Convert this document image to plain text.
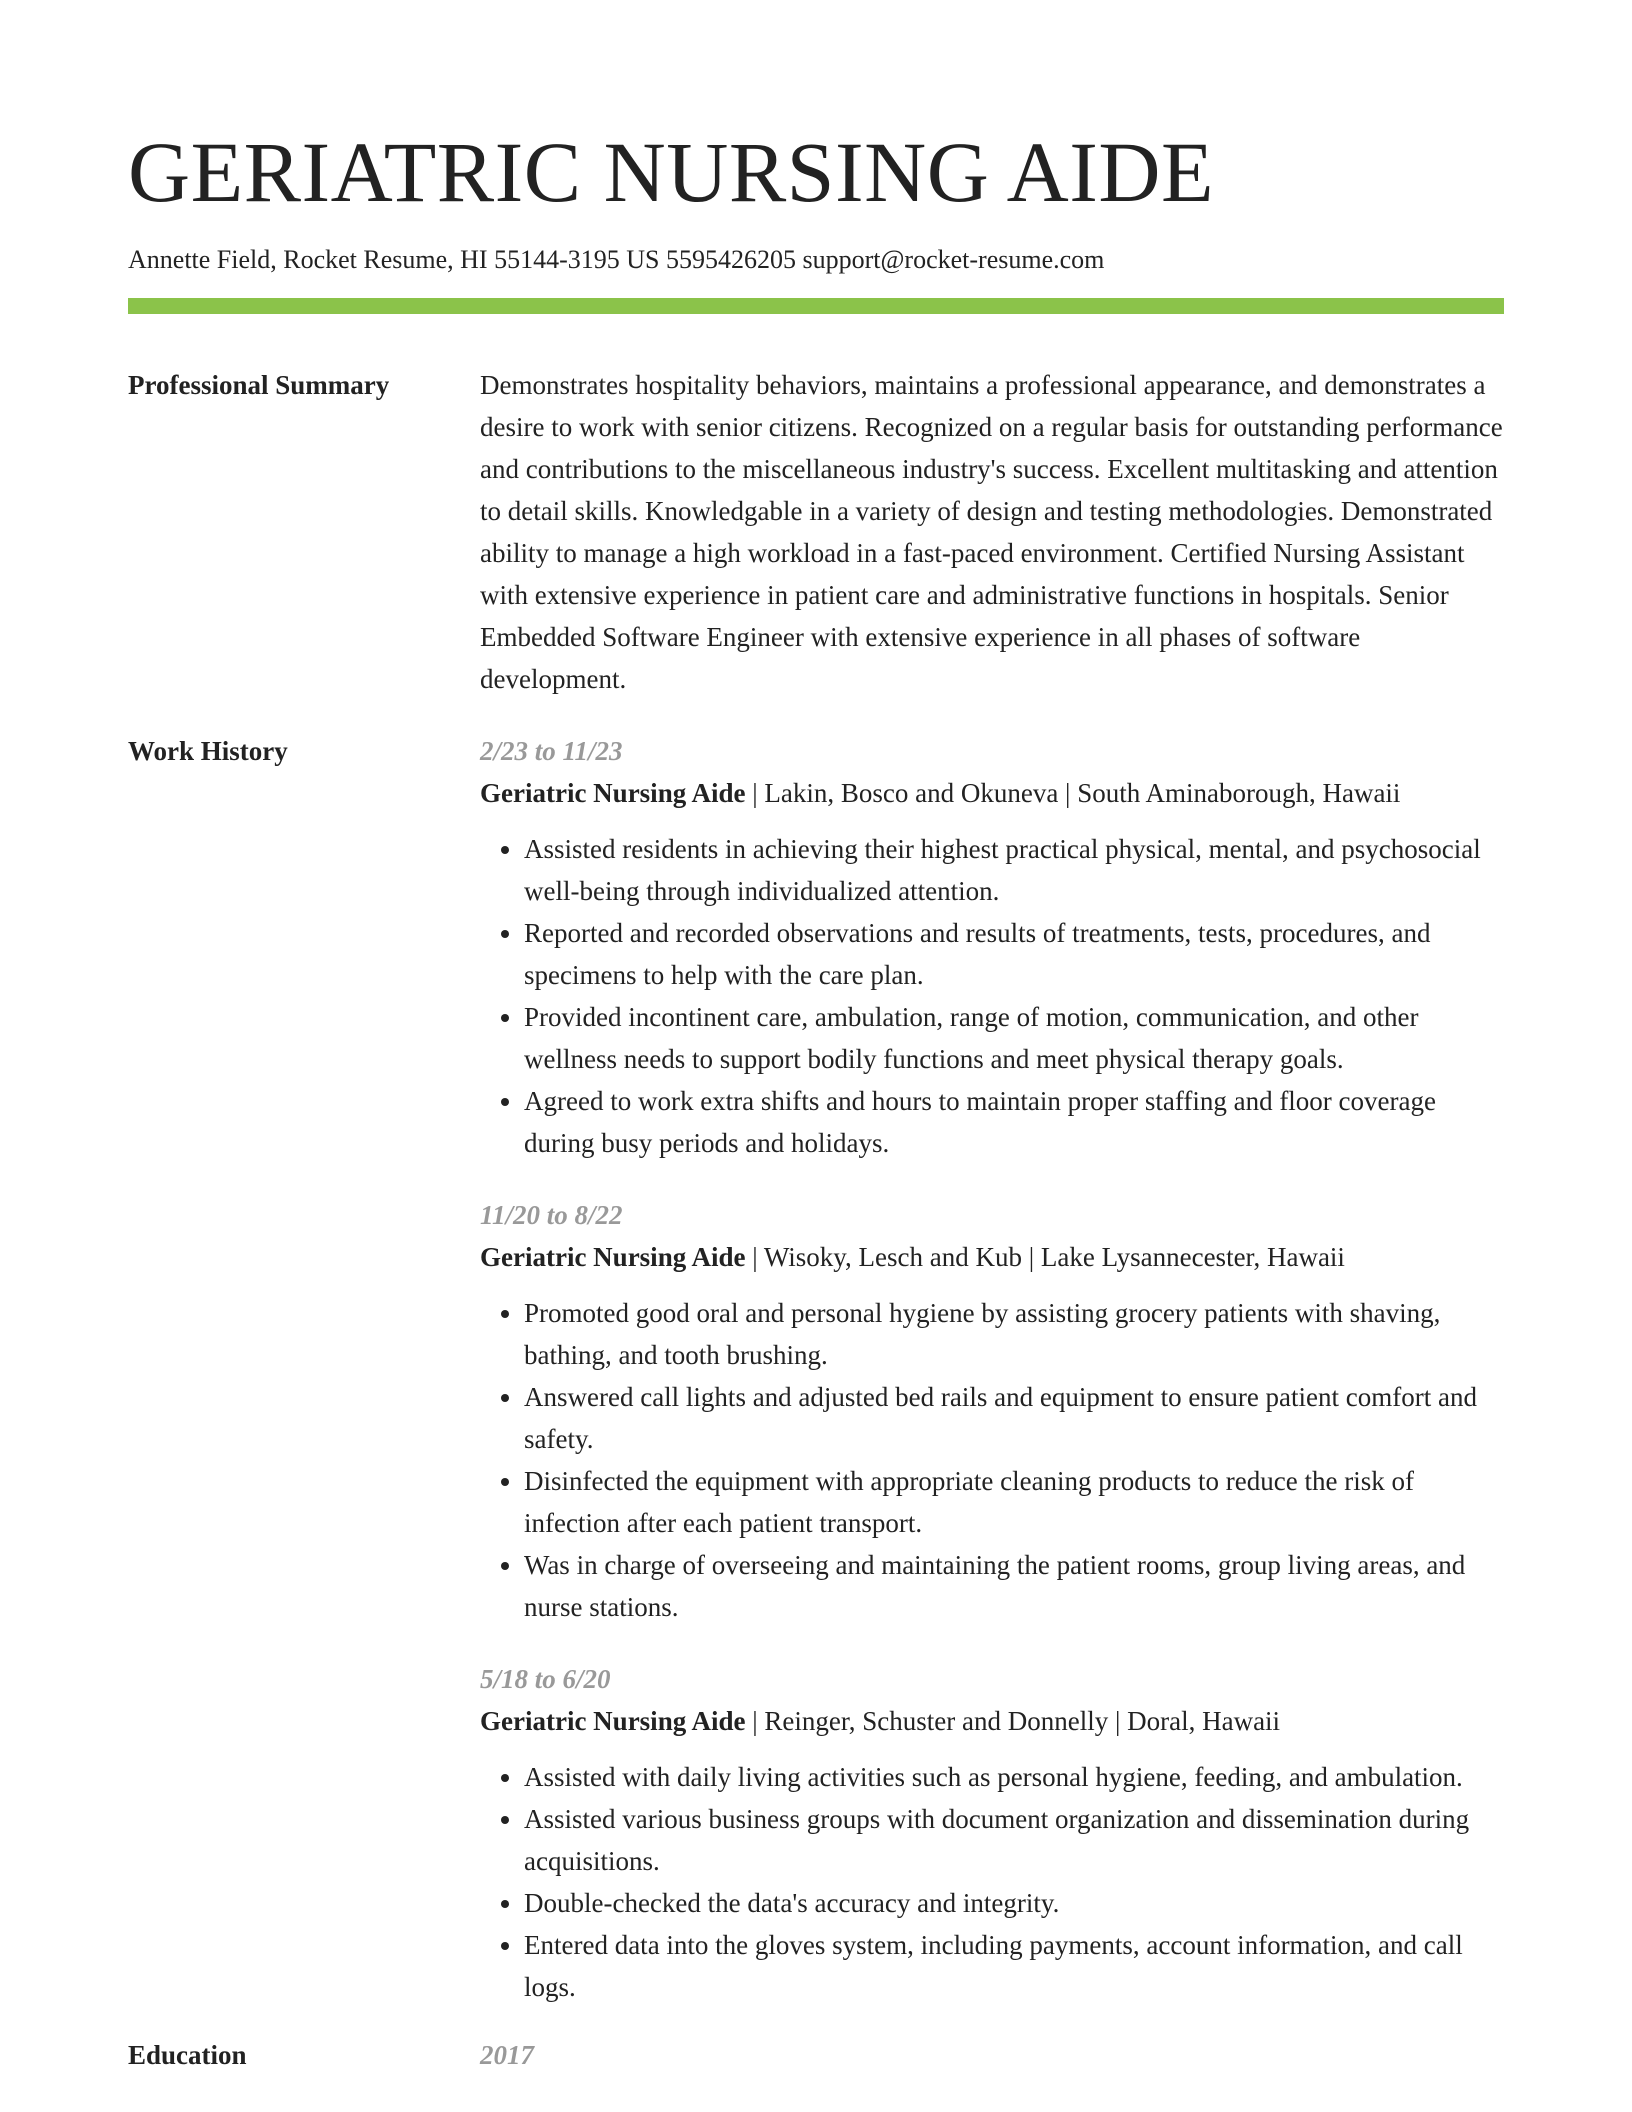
GERIATRIC NURSING AIDE
Annette Field, Rocket Resume, HI 55144-3195 US 5595426205 support@rocket-resume.com
Professional Summary	Demonstrates hospitality behaviors, maintains a professional appearance, and demonstrates a desire to work with senior citizens. Recognized on a regular basis for outstanding performance and contributions to the miscellaneous industry's success. Excellent multitasking and attention to detail skills. Knowledgable in a variety of design and testing methodologies. Demonstrated ability to manage a high workload in a fast-paced environment. Certified Nursing Assistant with extensive experience in patient care and administrative functions in hospitals. Senior Embedded Software Engineer with extensive experience in all phases of software development.
Work History	2/23 to 11/23
Geriatric Nursing Aide | Lakin, Bosco and Okuneva | South Aminaborough, Hawaii
• Assisted residents in achieving their highest practical physical, mental, and psychosocial well-being through individualized attention.
• Reported and recorded observations and results of treatments, tests, procedures, and specimens to help with the care plan.
• Provided incontinent care, ambulation, range of motion, communication, and other wellness needs to support bodily functions and meet physical therapy goals.
• Agreed to work extra shifts and hours to maintain proper staffing and floor coverage during busy periods and holidays.
11/20 to 8/22
Geriatric Nursing Aide | Wisoky, Lesch and Kub | Lake Lysannecester, Hawaii
• Promoted good oral and personal hygiene by assisting grocery patients with shaving, bathing, and tooth brushing.
• Answered call lights and adjusted bed rails and equipment to ensure patient comfort and safety.
• Disinfected the equipment with appropriate cleaning products to reduce the risk of infection after each patient transport.
• Was in charge of overseeing and maintaining the patient rooms, group living areas, and nurse stations.
5/18 to 6/20
Geriatric Nursing Aide | Reinger, Schuster and Donnelly | Doral, Hawaii
• Assisted with daily living activities such as personal hygiene, feeding, and ambulation.
• Assisted various business groups with document organization and dissemination during acquisitions.
• Double-checked the data's accuracy and integrity.
• Entered data into the gloves system, including payments, account information, and call logs.
Education	2017
